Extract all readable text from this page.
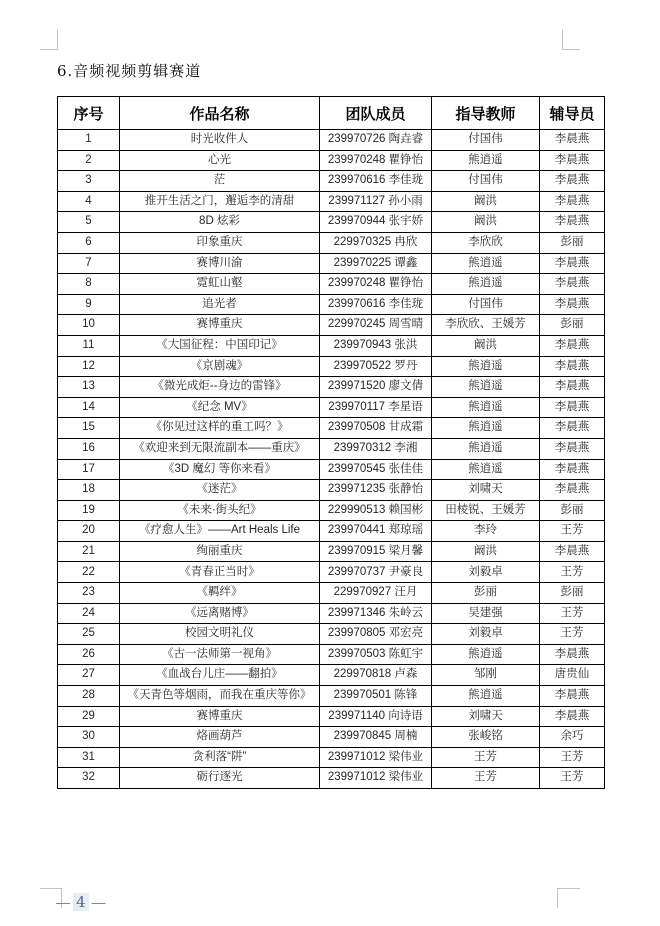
6.音频视频剪辑赛道
序号	作品名称	团队成员	指导教师	辅导员
1	时光收件人	239970726 陶垚睿	付国伟	李晨燕
2	心光	239970248 瞿铮怡	熊逍遥	李晨燕
3	茫	239970616 李佳珑	付国伟	李晨燕
4	推开生活之门，邂逅李的清甜	239971127 孙小雨	阚洪	李晨燕
5	8D 炫彩	239970944 张宇娇	阚洪	李晨燕
6	印象重庆	229970325 冉欣	李欣欣	彭丽
7	赛博川渝	239970225 谭鑫	熊逍遥	李晨燕
8	霓虹山壑	239970248 瞿铮怡	熊逍遥	李晨燕
9	追光者	239970616 李佳珑	付国伟	李晨燕
10	赛博重庆	229970245 周雪晴	李欣欣、王媛芳	彭丽
11	《大国征程：中国印记》	239970943 张洪	阚洪	李晨燕
12	《京剧魂》	239970522 罗丹	熊逍遥	李晨燕
13	《微光成炬--身边的雷锋》	239971520 廖文倩	熊逍遥	李晨燕
14	《纪念 MV》	239970117 李星语	熊逍遥	李晨燕
15	《你见过这样的重工吗？》	239970508 甘成霜	熊逍遥	李晨燕
16	《欢迎来到无限流副本——重庆》	239970312 李湘	熊逍遥	李晨燕
17	《3D 魔幻 等你来看》	239970545 张佳佳	熊逍遥	李晨燕
18	《迷茫》	239971235 张静怡	刘啸天	李晨燕
19	《未来·街头纪》	229990513 赖国彬	田棱锐、王媛芳	彭丽
20	《疗愈人生》——Art Heals Life	239970441 郑琼瑶	李玲	王芳
21	绚丽重庆	239970915 梁月馨	阚洪	李晨燕
22	《青春正当时》	239970737 尹豪良	刘毅卓	王芳
23	《羁绊》	229970927 汪月	彭丽	彭丽
24	《远离赌博》	239971346 朱岭云	吴建强	王芳
25	校园文明礼仪	239970805 邓宏亮	刘毅卓	王芳
26	《古一法师第一视角》	239970503 陈虹宇	熊逍遥	李晨燕
27	《血战台儿庄——翻拍》	229970818 卢森	邹刚	唐贵仙
28	《天青色等烟雨，而我在重庆等你》	239970501 陈锋	熊逍遥	李晨燕
29	赛博重庆	239971140 向诗语	刘啸天	李晨燕
30	烙画葫芦	239970845 周楠	张峻铭	余巧
31	贪利落“阱”	239971012 梁伟业	王芳	王芳
32	砺行逐光	239971012 梁伟业	王芳	王芳
— 4 —
